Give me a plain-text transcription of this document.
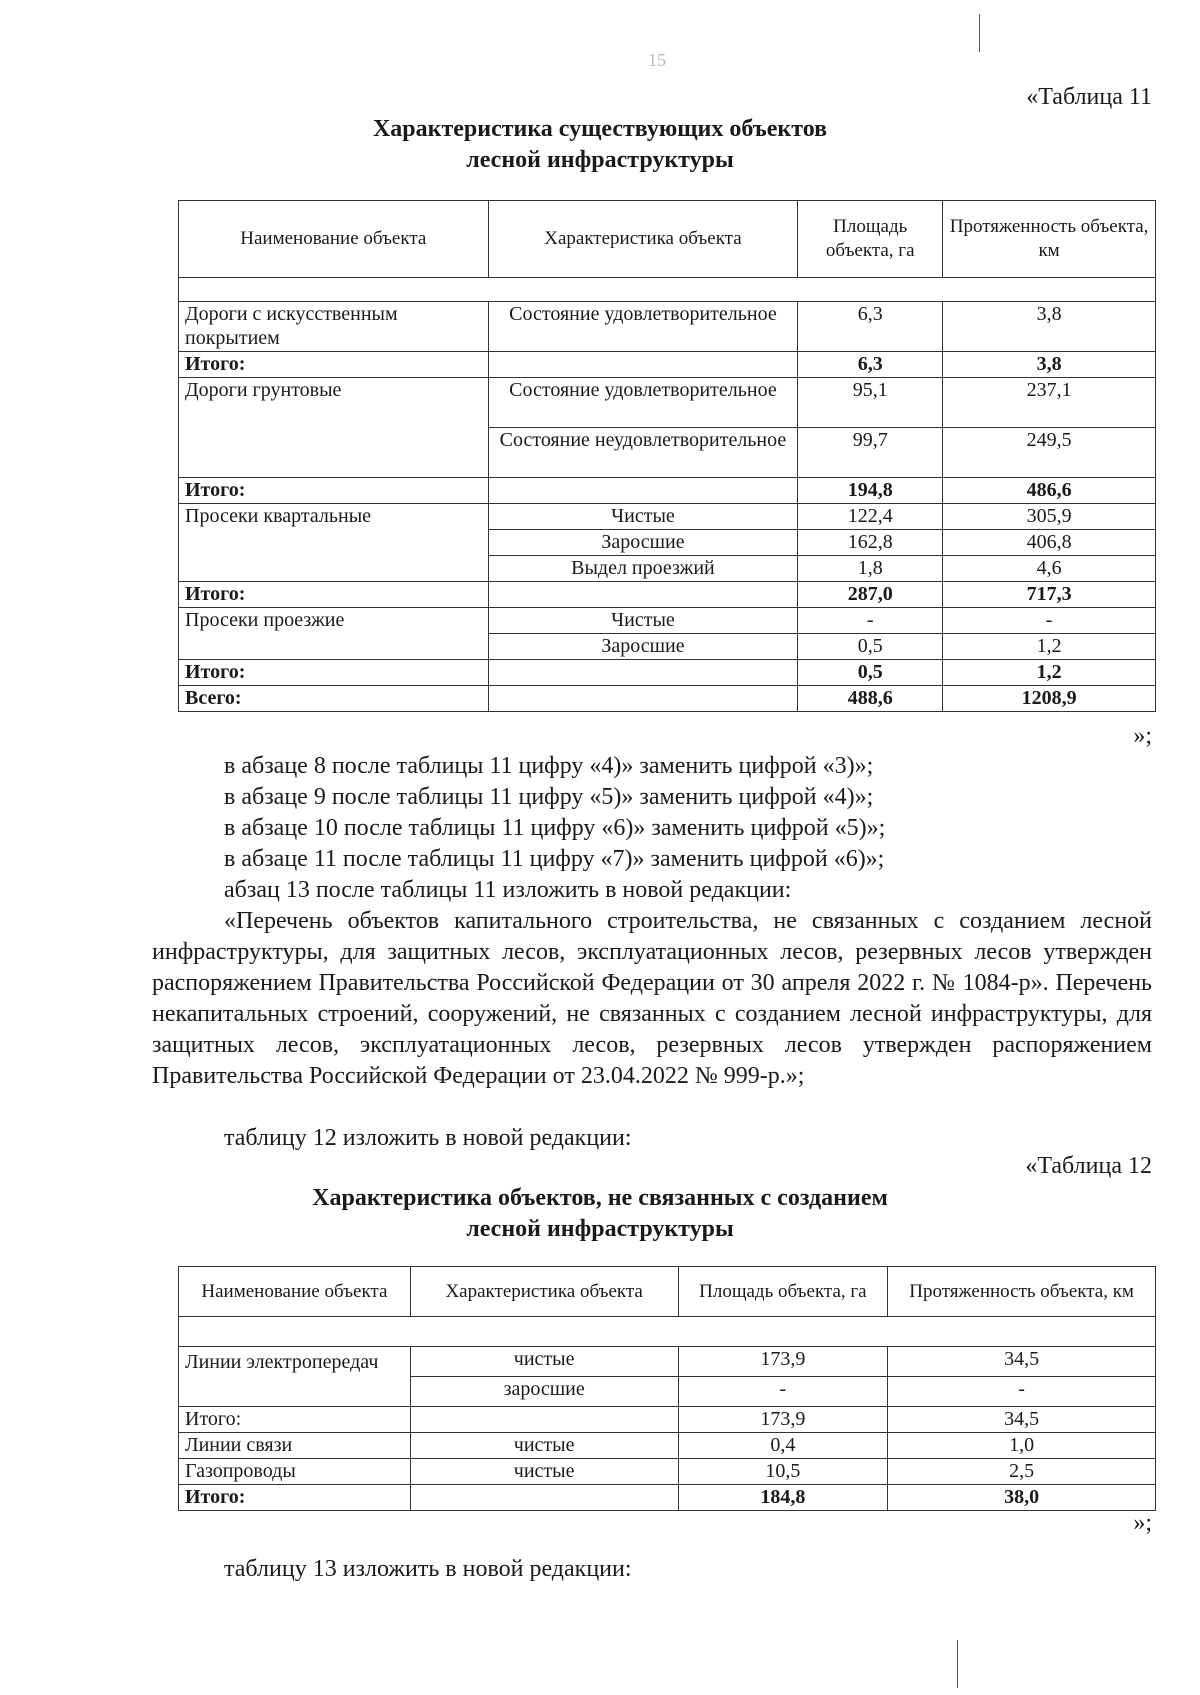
15
«Таблица 11
Характеристика существующих объектов
лесной инфраструктуры
Наименование объекта	Характеристика объекта	Площадь объекта, га	Протяженность объекта, км

Дороги с искусственным покрытием	Состояние удовлетворительное	6,3	3,8
Итого:		6,3	3,8
Дороги грунтовые	Состояние удовлетворительное	95,1	237,1
	Состояние неудовлетворительное	99,7	249,5
Итого:		194,8	486,6
Просеки квартальные	Чистые	122,4	305,9
	Заросшие	162,8	406,8
	Выдел проезжий	1,8	4,6
Итого:		287,0	717,3
Просеки проезжие	Чистые	-	-
	Заросшие	0,5	1,2
Итого:		0,5	1,2
Всего:		488,6	1208,9
»;
в абзаце 8 после таблицы 11 цифру «4)» заменить цифрой «3)»;
в абзаце 9 после таблицы 11 цифру «5)» заменить цифрой «4)»;
в абзаце 10 после таблицы 11 цифру «6)» заменить цифрой «5)»;
в абзаце 11 после таблицы 11 цифру «7)» заменить цифрой «6)»;
абзац 13 после таблицы 11 изложить в новой редакции:
«Перечень объектов капитального строительства, не связанных с созданием лесной инфраструктуры, для защитных лесов, эксплуатационных лесов, резервных лесов утвержден распоряжением Правительства Российской Федерации от 30 апреля 2022 г. № 1084-р». Перечень некапитальных строений, сооружений, не связанных с созданием лесной инфраструктуры, для защитных лесов, эксплуатационных лесов, резервных лесов утвержден распоряжением Правительства Российской Федерации от 23.04.2022 № 999-р.»;
таблицу 12 изложить в новой редакции:
«Таблица 12
Характеристика объектов, не связанных с созданием
лесной инфраструктуры
Наименование объекта	Характеристика объекта	Площадь объекта, га	Протяженность объекта, км

Линии электропередач	чистые	173,9	34,5
	заросшие	-	-
Итого:		173,9	34,5
Линии связи	чистые	0,4	1,0
Газопроводы	чистые	10,5	2,5
Итого:		184,8	38,0
»;
таблицу 13 изложить в новой редакции:
